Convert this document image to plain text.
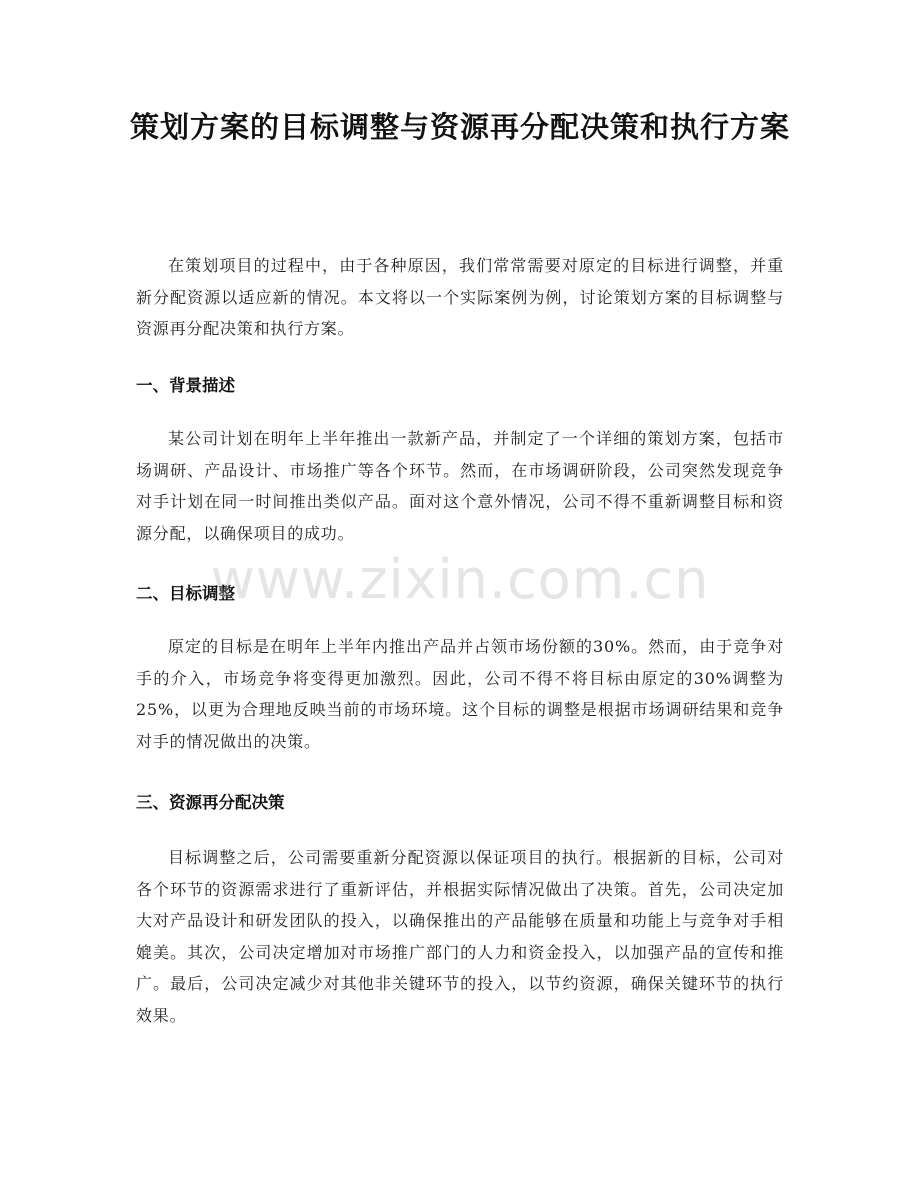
策划方案的目标调整与资源再分配决策和执行方案

在策划项目的过程中，由于各种原因，我们常常需要对原定的目标进行调整，并重新分配资源以适应新的情况。本文将以一个实际案例为例，讨论策划方案的目标调整与资源再分配决策和执行方案。

一、背景描述

某公司计划在明年上半年推出一款新产品，并制定了一个详细的策划方案，包括市场调研、产品设计、市场推广等各个环节。然而，在市场调研阶段，公司突然发现竞争对手计划在同一时间推出类似产品。面对这个意外情况，公司不得不重新调整目标和资源分配，以确保项目的成功。

二、目标调整

原定的目标是在明年上半年内推出产品并占领市场份额的30%。然而，由于竞争对手的介入，市场竞争将变得更加激烈。因此，公司不得不将目标由原定的30%调整为25%，以更为合理地反映当前的市场环境。这个目标的调整是根据市场调研结果和竞争对手的情况做出的决策。

三、资源再分配决策

目标调整之后，公司需要重新分配资源以保证项目的执行。根据新的目标，公司对各个环节的资源需求进行了重新评估，并根据实际情况做出了决策。首先，公司决定加大对产品设计和研发团队的投入，以确保推出的产品能够在质量和功能上与竞争对手相媲美。其次，公司决定增加对市场推广部门的人力和资金投入，以加强产品的宣传和推广。最后，公司决定减少对其他非关键环节的投入，以节约资源，确保关键环节的执行效果。

www.zixin.com.cn
